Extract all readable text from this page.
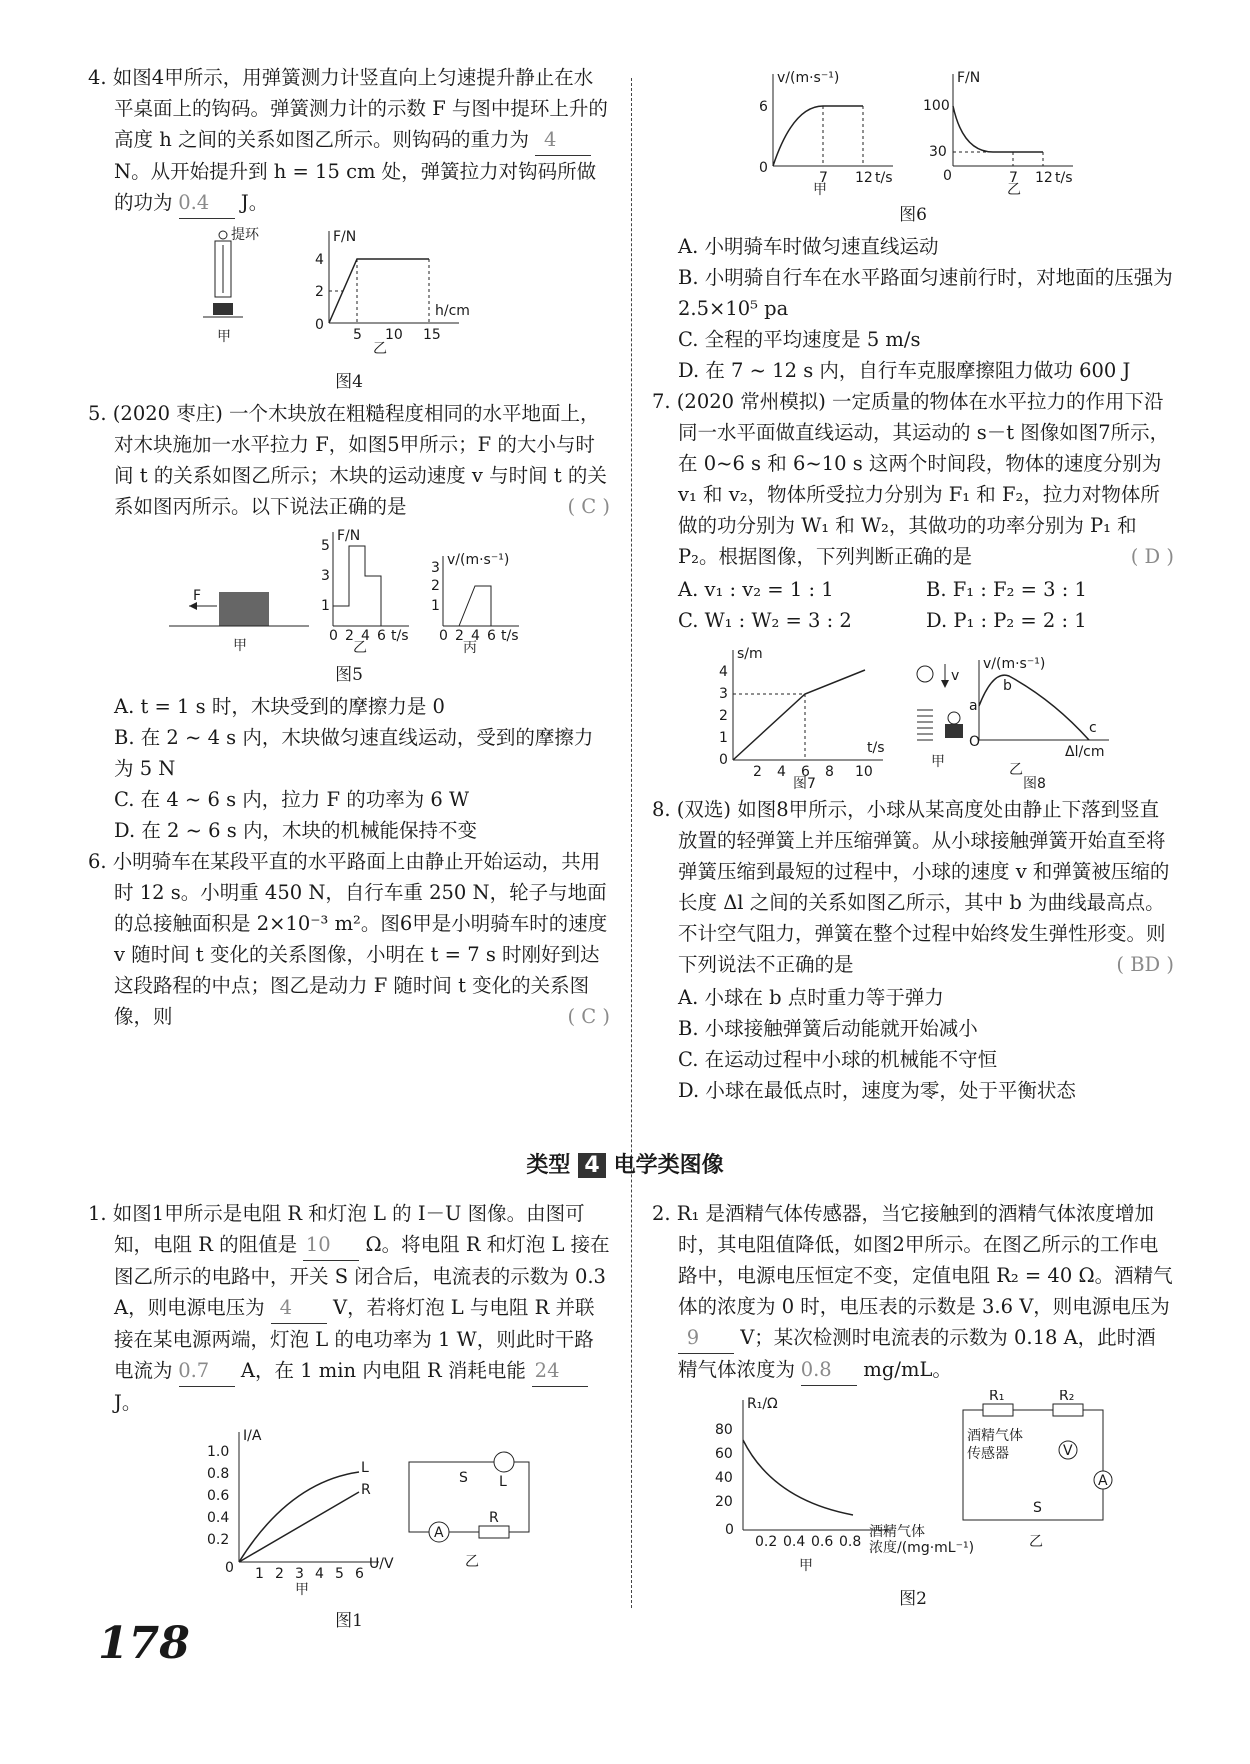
4. 如图4甲所示，用弹簧测力计竖直向上匀速提升静止在水平桌面上的钩码。弹簧测力计的示数 F 与图中提环上升的高度 h 之间的关系如图乙所示。则钩码的重力为 4 N。从开始提升到 h = 15 cm 处，弹簧拉力对钩码所做的功为 0.4 J。
提环
甲
F/N
h/cm
4
2
0
5 10 15
乙
图4
5. (2020 枣庄) 一个木块放在粗糙程度相同的水平地面上，对木块施加一水平拉力 F，如图5甲所示；F 的大小与时间 t 的关系如图乙所示；木块的运动速度 v 与时间 t 的关系如图丙所示。以下说法正确的是	( C )
F
甲
F/N
5
3
1
0 2 4 6 t/s
乙
v/(m·s⁻¹)
3
2
1
0 2 4 6 t/s
丙
图5
A. t = 1 s 时，木块受到的摩擦力是 0
B. 在 2 ~ 4 s 内，木块做匀速直线运动，受到的摩擦力为 5 N
C. 在 4 ~ 6 s 内，拉力 F 的功率为 6 W
D. 在 2 ~ 6 s 内，木块的机械能保持不变
6. 小明骑车在某段平直的水平路面上由静止开始运动，共用时 12 s。小明重 450 N，自行车重 250 N，轮子与地面的总接触面积是 2×10⁻³ m²。图6甲是小明骑车时的速度 v 随时间 t 变化的关系图像，小明在 t = 7 s 时刚好到达这段路程的中点；图乙是动力 F 随时间 t 变化的关系图像，则	( C )
v/(m·s⁻¹)
6
0
7 12 t/s
甲
F/N
100
30
0	7 12 t/s
乙
图6
A. 小明骑车时做匀速直线运动
B. 小明骑自行车在水平路面匀速前行时，对地面的压强为 2.5×10⁵ pa
C. 全程的平均速度是 5 m/s
D. 在 7 ~ 12 s 内，自行车克服摩擦阻力做功 600 J
7. (2020 常州模拟) 一定质量的物体在水平拉力的作用下沿同一水平面做直线运动，其运动的 s－t 图像如图7所示，在 0~6 s 和 6~10 s 这两个时间段，物体的速度分别为 v₁ 和 v₂，物体所受拉力分别为 F₁ 和 F₂，拉力对物体所做的功分别为 W₁ 和 W₂，其做功的功率分别为 P₁ 和 P₂。根据图像，下列判断正确的是	( D )
A. v₁ : v₂ = 1 : 1	B. F₁ : F₂ = 3 : 1
C. W₁ : W₂ = 3 : 2	D. P₁ : P₂ = 2 : 1
s/m
4
3
2
1
0
2 4 6 8 10
t/s
图7
v
甲
v/(m·s⁻¹)
a
b
c
O
Δl/cm
乙
图8
8. (双选) 如图8甲所示，小球从某高度处由静止下落到竖直放置的轻弹簧上并压缩弹簧。从小球接触弹簧开始直至将弹簧压缩到最短的过程中，小球的速度 v 和弹簧被压缩的长度 Δl 之间的关系如图乙所示，其中 b 为曲线最高点。不计空气阻力，弹簧在整个过程中始终发生弹性形变。则下列说法不正确的是	( BD )
A. 小球在 b 点时重力等于弹力
B. 小球接触弹簧后动能就开始减小
C. 在运动过程中小球的机械能不守恒
D. 小球在最低点时，速度为零，处于平衡状态
类型 4 电学类图像
1. 如图1甲所示是电阻 R 和灯泡 L 的 I－U 图像。由图可知，电阻 R 的阻值是 10 Ω。将电阻 R 和灯泡 L 接在图乙所示的电路中，开关 S 闭合后，电流表的示数为 0.3 A，则电源电压为 4 V，若将灯泡 L 与电阻 R 并联接在某电源两端，灯泡 L 的电功率为 1 W，则此时干路电流为 0.7 A，在 1 min 内电阻 R 消耗电能 24 J。
I/A
L
R
1.0
0.8
0.6
0.4
0.2
0 1 2 3 4 5 6
U/V
甲
A
R
S L
乙
图1
2. R₁ 是酒精气体传感器，当它接触到的酒精气体浓度增加时，其电阻值降低，如图2甲所示。在图乙所示的工作电路中，电源电压恒定不变，定值电阻 R₂ = 40 Ω。酒精气体的浓度为 0 时，电压表的示数是 3.6 V，则电源电压为 9 V；某次检测时电流表的示数为 0.18 A，此时酒精气体浓度为 0.8 mg/mL。
R₁/Ω
80
60
40
20
0
0.2 0.4 0.6 0.8
酒精气体
浓度/(mg·mL⁻¹)
甲
R₁	R₂
酒精气体
传感器	V
A
S
乙
图2
178
